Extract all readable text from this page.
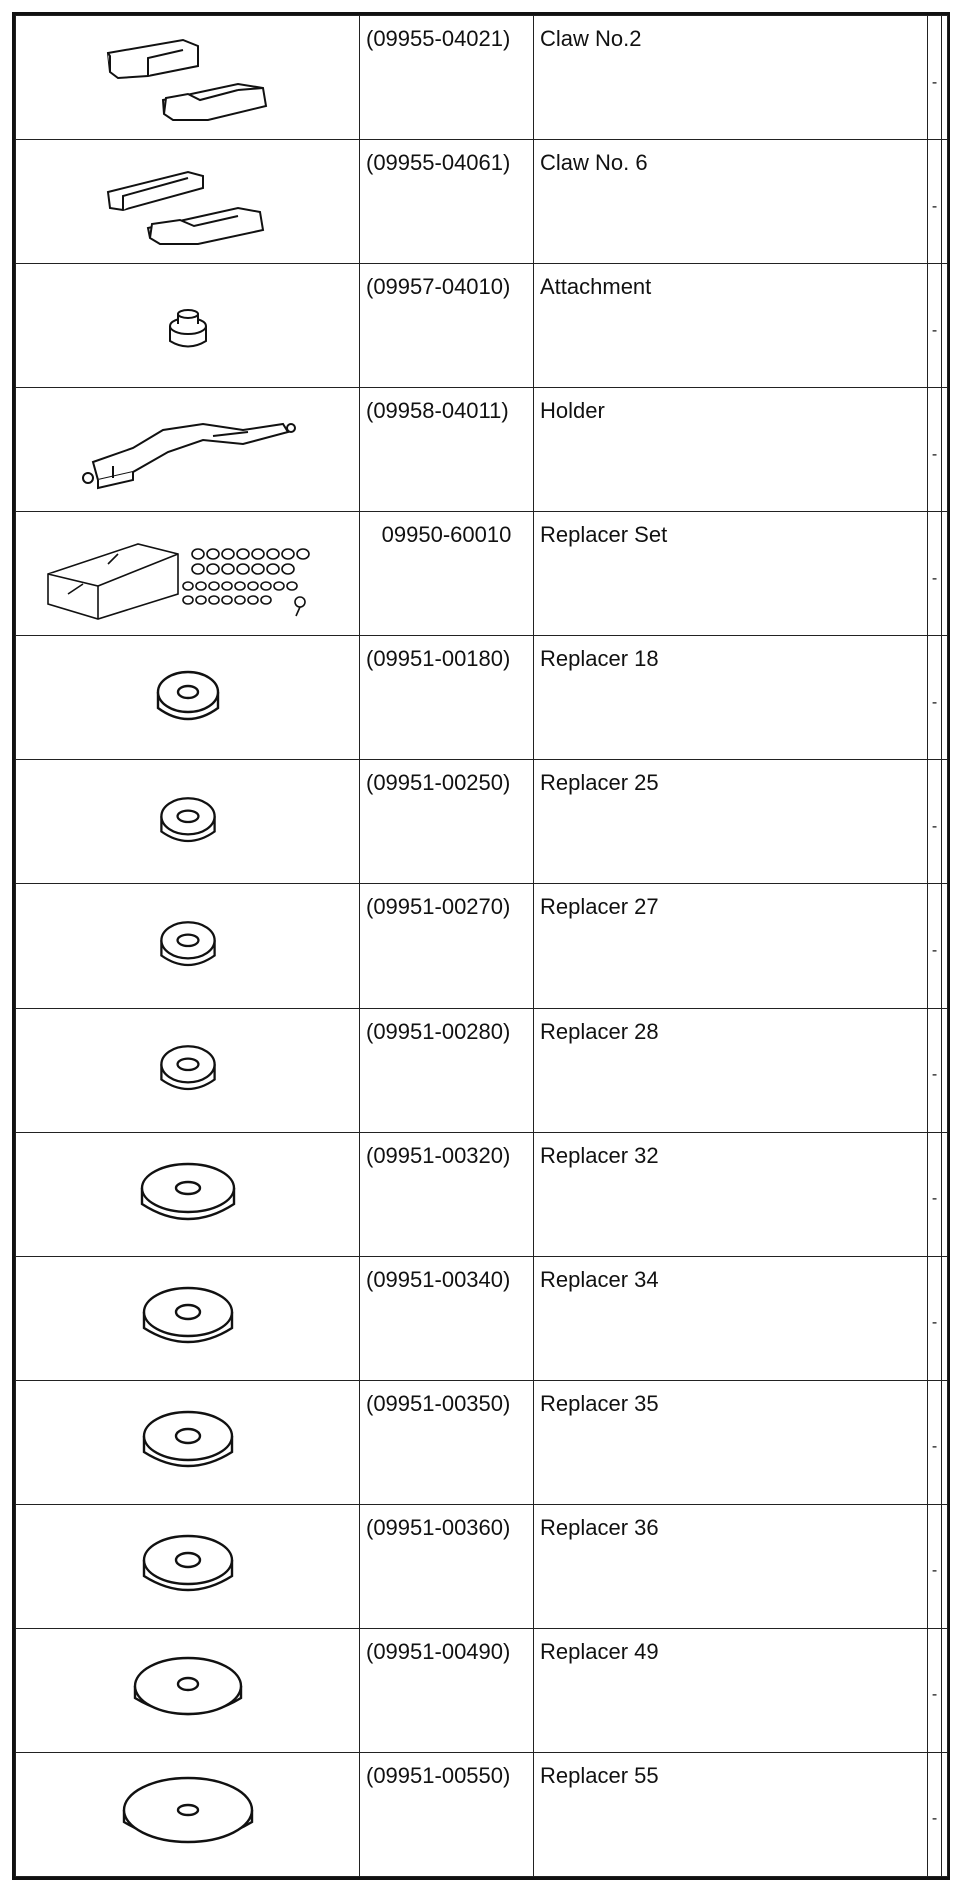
	(09955-04021)	Claw No.2	-	

	(09955-04061)	Claw No. 6	-	

	(09957-04010)	Attachment	-	

	(09958-04011)	Holder	-	

	09950-60010	Replacer Set	-	

	(09951-00180)	Replacer 18	-	

	(09951-00250)	Replacer 25	-	

	(09951-00270)	Replacer 27	-	

	(09951-00280)	Replacer 28	-	

	(09951-00320)	Replacer 32	-	

	(09951-00340)	Replacer 34	-	

	(09951-00350)	Replacer 35	-	

	(09951-00360)	Replacer 36	-	

	(09951-00490)	Replacer 49	-	

	(09951-00550)	Replacer 55	-	
